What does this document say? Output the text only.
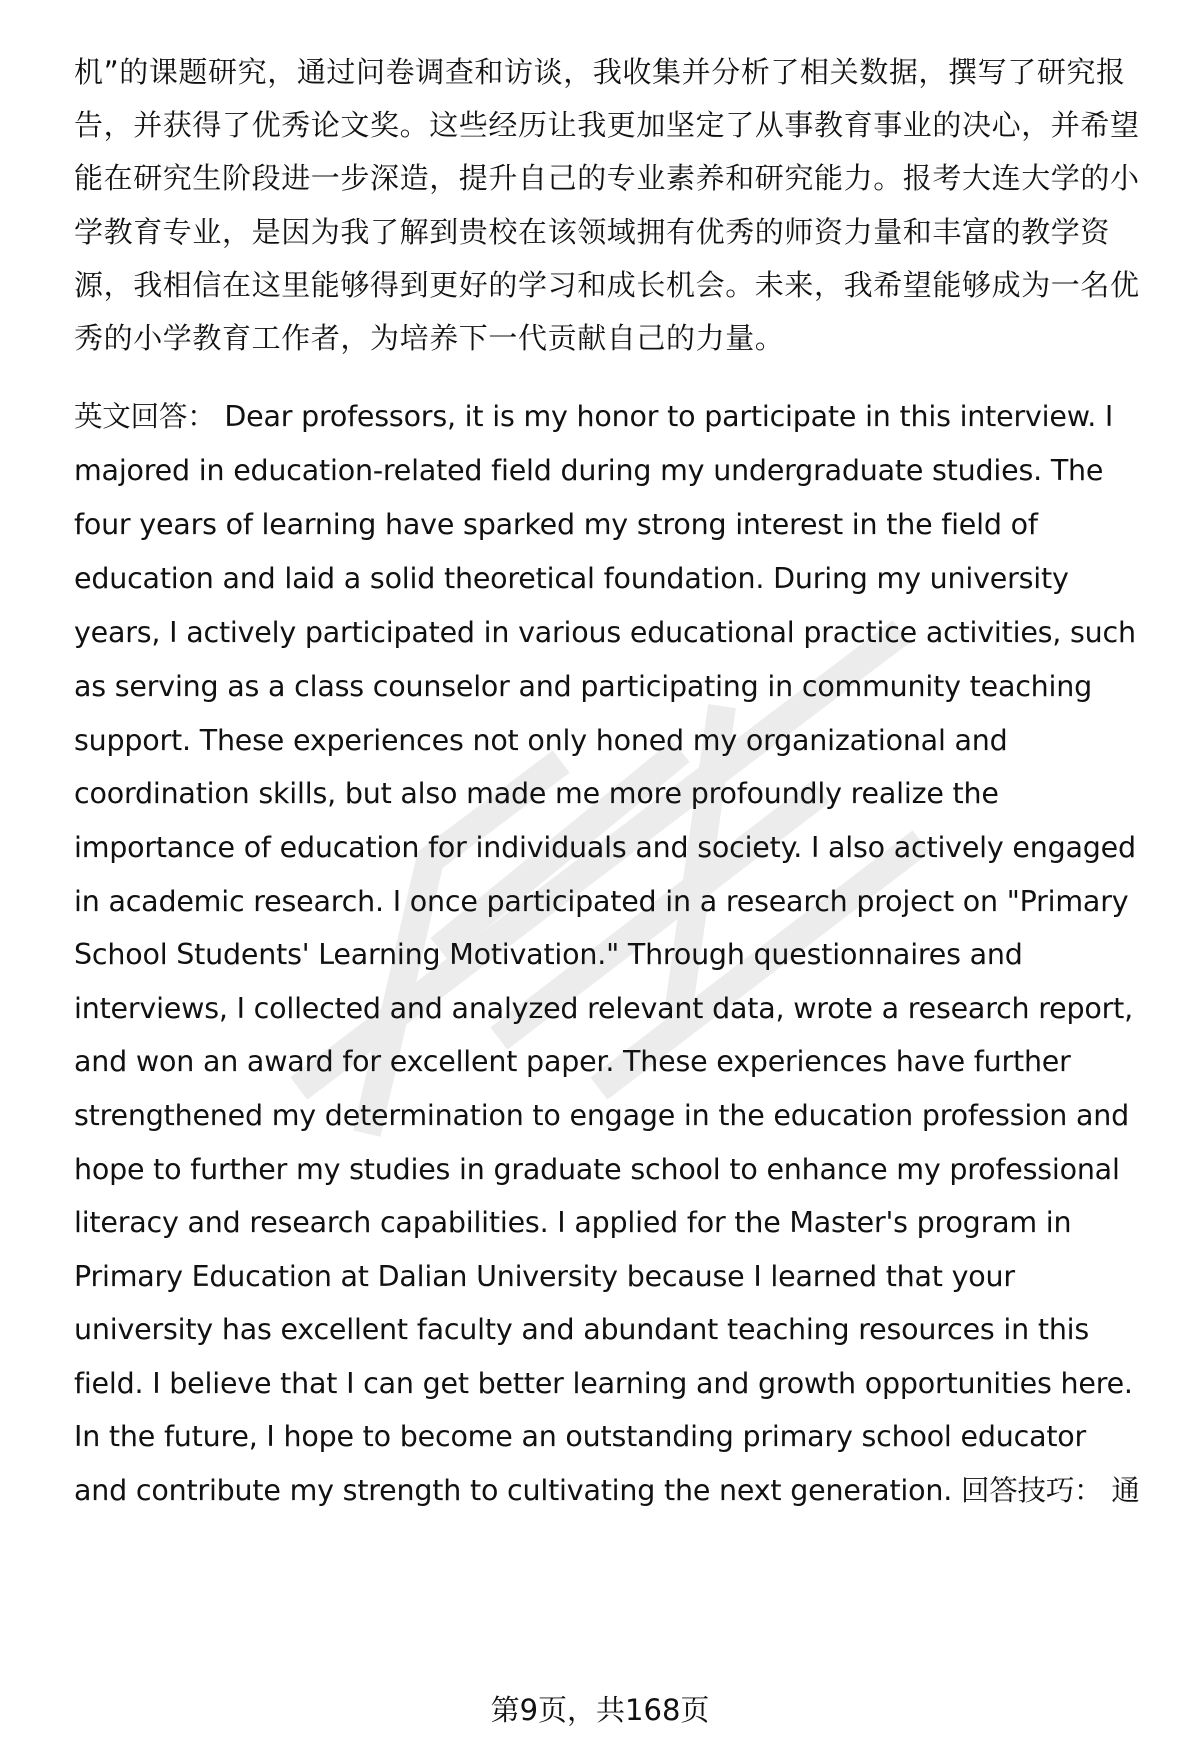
机”的课题研究，通过问卷调查和访谈，我收集并分析了相关数据，撰写了研究报
告，并获得了优秀论文奖。这些经历让我更加坚定了从事教育事业的决心，并希望
能在研究生阶段进一步深造，提升自己的专业素养和研究能力。报考大连大学的小
学教育专业，是因为我了解到贵校在该领域拥有优秀的师资力量和丰富的教学资
源，我相信在这里能够得到更好的学习和成长机会。未来，我希望能够成为一名优
秀的小学教育工作者，为培养下一代贡献自己的力量。
英文回答： Dear professors, it is my honor to participate in this interview. I
majored in education-related field during my undergraduate studies. The
four years of learning have sparked my strong interest in the field of
education and laid a solid theoretical foundation. During my university
years, I actively participated in various educational practice activities, such
as serving as a class counselor and participating in community teaching
support. These experiences not only honed my organizational and
coordination skills, but also made me more profoundly realize the
importance of education for individuals and society. I also actively engaged
in academic research. I once participated in a research project on "Primary
School Students' Learning Motivation." Through questionnaires and
interviews, I collected and analyzed relevant data, wrote a research report,
and won an award for excellent paper. These experiences have further
strengthened my determination to engage in the education profession and
hope to further my studies in graduate school to enhance my professional
literacy and research capabilities. I applied for the Master's program in
Primary Education at Dalian University because I learned that your
university has excellent faculty and abundant teaching resources in this
field. I believe that I can get better learning and growth opportunities here.
In the future, I hope to become an outstanding primary school educator
and contribute my strength to cultivating the next generation. 回答技巧： 通
第9页，共168页
